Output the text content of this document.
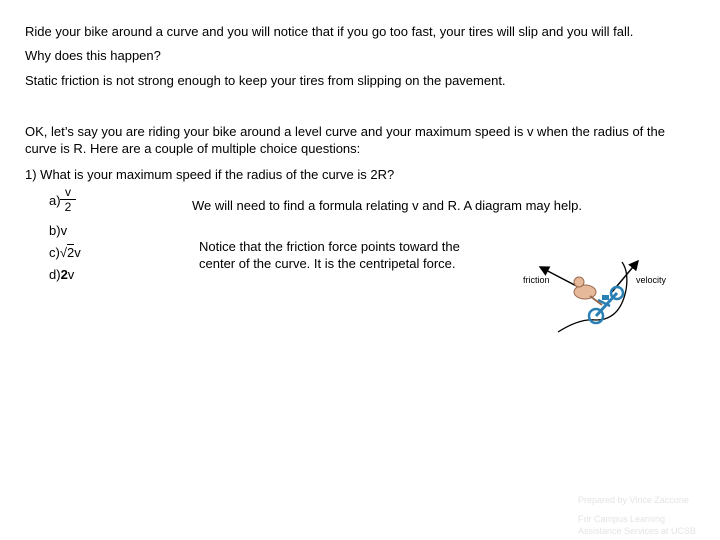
Ride your bike around a curve and you will notice that if you go too fast, your tires will slip and you will fall.
Why does this happen?
Static friction is not strong enough to keep your tires from slipping on the pavement.
OK, let’s say you are riding your bike around a level curve and your maximum speed is v when the radius of the curve is R. Here are a couple of multiple choice questions:
1) What is your maximum speed if the radius of the curve is 2R?
a)
v
2
b)v
c)√2v
d)2v
We will need to find a formula relating v and R. A diagram may help.
Notice that the friction force points toward the center of the curve. It is the centripetal force.
friction	velocity
Prepared by Vince Zaccone
For Campus Learning
Assistance Services at UCSB
